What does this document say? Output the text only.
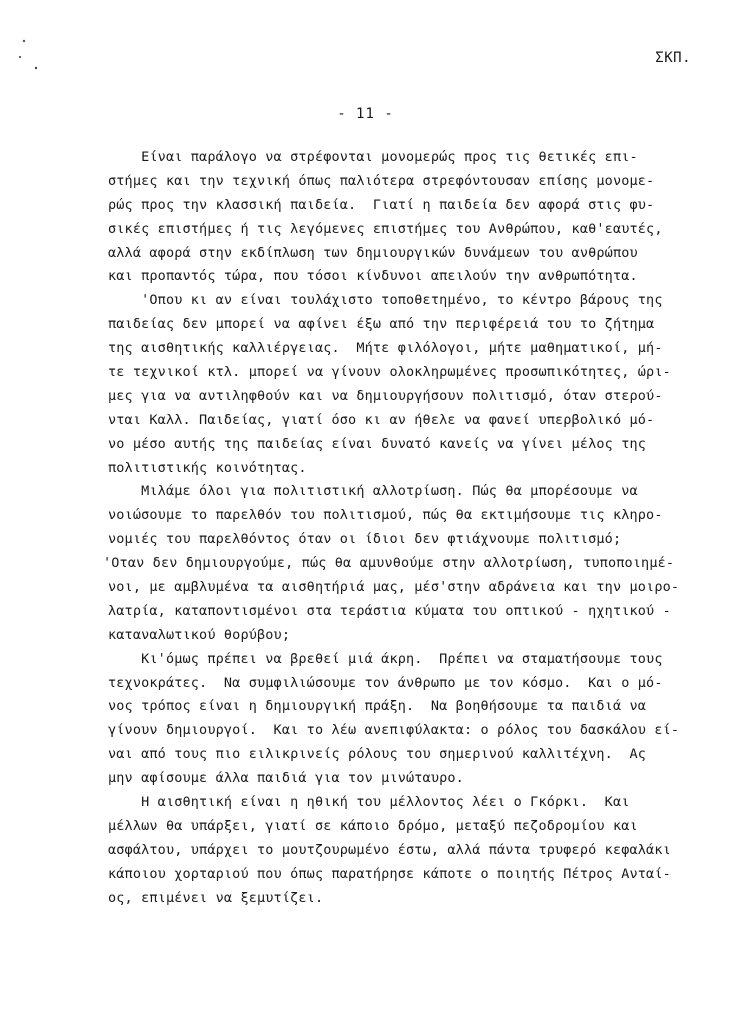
ΣΚΠ.
- 11 -
Είναι παράλογο να στρέφονται μονομερώς προς τις θετικές επι-
στήμες και την τεχνική όπως παλιότερα στρεφόντουσαν επίσης μονομε-
ρώς προς την κλασσική παιδεία.  Γιατί η παιδεία δεν αφορά στις φυ-
σικές επιστήμες ή τις λεγόμενες επιστήμες του Ανθρώπου, καθ'εαυτές,
αλλά αφορά στην εκδίπλωση των δημιουργικών δυνάμεων του ανθρώπου
και προπαντός τώρα, που τόσοι κίνδυνοι απειλούν την ανθρωπότητα.
'Οπου κι αν είναι τουλάχιστο τοποθετημένο, το κέντρο βάρους της
παιδείας δεν μπορεί να αφίνει έξω από την περιφέρειά του το ζήτημα
της αισθητικής καλλιέργειας.  Μήτε φιλόλογοι, μήτε μαθηματικοί, μή-
τε τεχνικοί κτλ. μπορεί να γίνουν ολοκληρωμένες προσωπικότητες, ώρι-
μες για να αντιληφθούν και να δημιουργήσουν πολιτισμό, όταν στερού-
νται Καλλ. Παιδείας, γιατί όσο κι αν ήθελε να φανεί υπερβολικό μό-
νο μέσο αυτής της παιδείας είναι δυνατό κανείς να γίνει μέλος της
πολιτιστικής κοινότητας.
Μιλάμε όλοι για πολιτιστική αλλοτρίωση. Πώς θα μπορέσουμε να
νοιώσουμε το παρελθόν του πολιτισμού, πώς θα εκτιμήσουμε τις κληρο-
νομιές του παρελθόντος όταν οι ίδιοι δεν φτιάχνουμε πολιτισμό;
'Οταν δεν δημιουργούμε, πώς θα αμυνθούμε στην αλλοτρίωση, τυποποιημέ-
νοι, με αμβλυμένα τα αισθητήριά μας, μέσ'στην αδράνεια και την μοιρο-
λατρία, καταποντισμένοι στα τεράστια κύματα του οπτικού - ηχητικού -
καταναλωτικού θορύβου;
Κι'όμως πρέπει να βρεθεί μιά άκρη.  Πρέπει να σταματήσουμε τους
τεχνοκράτες.  Να συμφιλιώσουμε τον άνθρωπο με τον κόσμο.  Και ο μό-
νος τρόπος είναι η δημιουργική πράξη.  Να βοηθήσουμε τα παιδιά να
γίνουν δημιουργοί.  Και το λέω ανεπιφύλακτα: ο ρόλος του δασκάλου εί-
ναι από τους πιο ειλικρινείς ρόλους του σημερινού καλλιτέχνη.  Ας
μην αφίσουμε άλλα παιδιά για τον μινώταυρο.
Η αισθητική είναι η ηθική του μέλλοντος λέει ο Γκόρκι.  Και
μέλλων θα υπάρξει, γιατί σε κάποιο δρόμο, μεταξύ πεζοδρομίου και
ασφάλτου, υπάρχει το μουτζουρωμένο έστω, αλλά πάντα τρυφερό κεφαλάκι
κάποιου χορταριού που όπως παρατήρησε κάποτε ο ποιητής Πέτρος Ανταί-
ος, επιμένει να ξεμυτίζει.
